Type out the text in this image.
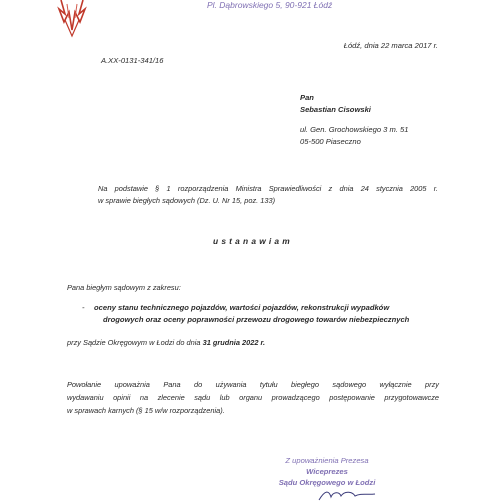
Pl. Dąbrowskiego 5, 90-921 Łódź
Łódź, dnia 22 marca 2017 r.
A.XX-0131-341/16
Pan
Sebastian Cisowski
ul. Gen. Grochowskiego 3 m. 51
05-500 Piaseczno
Na podstawie § 1 rozporządzenia Ministra Sprawiedliwości z dnia 24 stycznia 2005 r.
w sprawie biegłych sądowych (Dz. U. Nr 15, poz. 133)
ustanawiam
Pana biegłym sądowym z zakresu:
- oceny stanu technicznego pojazdów, wartości pojazdów, rekonstrukcji wypadków
drogowych oraz oceny poprawności przewozu drogowego towarów niebezpiecznych
przy Sądzie Okręgowym w Łodzi do dnia 31 grudnia 2022 r.
Powołanie upoważnia Pana do używania tytułu biegłego sądowego wyłącznie przy
wydawaniu opinii na zlecenie sądu lub organu prowadzącego postępowanie przygotowawcze
w sprawach karnych (§ 15 w/w rozporządzenia).
Z upoważnienia Prezesa
Wiceprezes
Sądu Okręgowego w Łodzi
